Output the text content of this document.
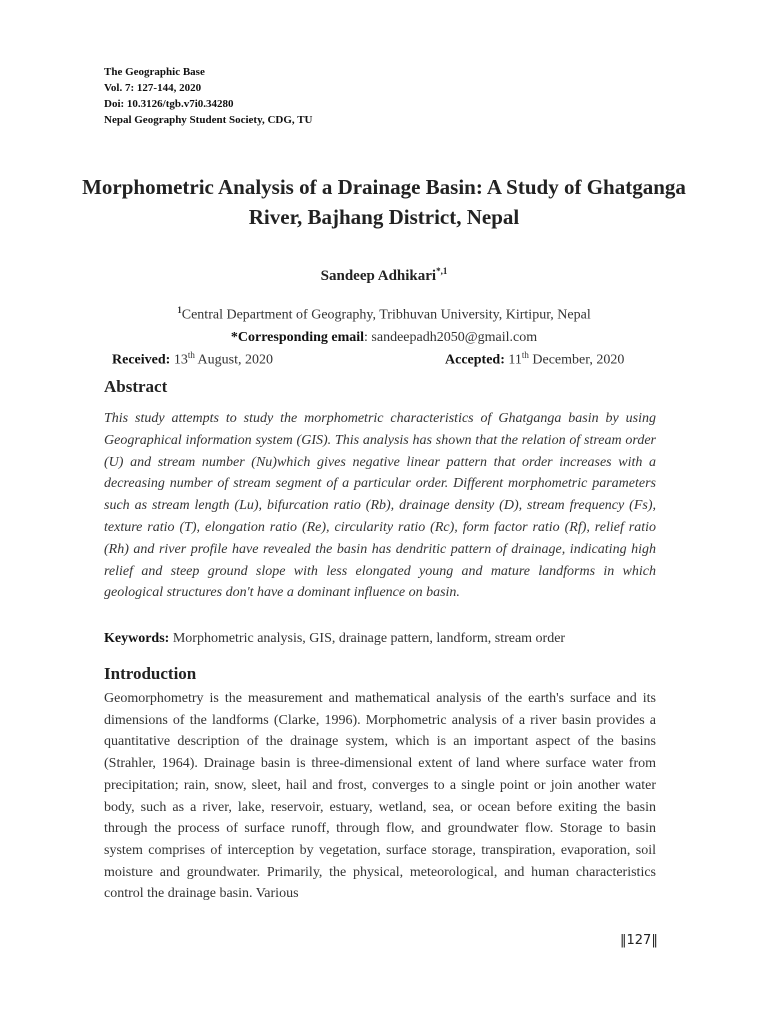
The Geographic Base
Vol. 7: 127-144, 2020
Doi: 10.3126/tgb.v7i0.34280
Nepal Geography Student Society, CDG, TU
Morphometric Analysis of a Drainage Basin: A Study of Ghatganga River, Bajhang District, Nepal
Sandeep Adhikari$^{*,1}$
$^1$Central Department of Geography, Tribhuvan University, Kirtipur, Nepal
*Corresponding email: sandeepadh2050@gmail.com
Received: 13th August, 2020	Accepted: 11th December, 2020
Abstract
This study attempts to study the morphometric characteristics of Ghatganga basin by using Geographical information system (GIS). This analysis has shown that the relation of stream order (U) and stream number (Nu)which gives negative linear pattern that order increases with a decreasing number of stream segment of a particular order. Different morphometric parameters such as stream length (Lu), bifurcation ratio (Rb), drainage density (D), stream frequency (Fs), texture ratio (T), elongation ratio (Re), circularity ratio (Rc), form factor ratio (Rf), relief ratio (Rh) and river profile have revealed the basin has dendritic pattern of drainage, indicating high relief and steep ground slope with less elongated young and mature landforms in which geological structures don't have a dominant influence on basin.
Keywords: Morphometric analysis, GIS, drainage pattern, landform, stream order
Introduction
Geomorphometry is the measurement and mathematical analysis of the earth's surface and its dimensions of the landforms (Clarke, 1996). Morphometric analysis of a river basin provides a quantitative description of the drainage system, which is an important aspect of the basins (Strahler, 1964). Drainage basin is three-dimensional extent of land where surface water from precipitation; rain, snow, sleet, hail and frost, converges to a single point or join another water body, such as a river, lake, reservoir, estuary, wetland, sea, or ocean before exiting the basin through the process of surface runoff, through flow, and groundwater flow. Storage to basin system comprises of interception by vegetation, surface storage, transpiration, evaporation, soil moisture and groundwater. Primarily, the physical, meteorological, and human characteristics control the drainage basin. Various
‖127‖
